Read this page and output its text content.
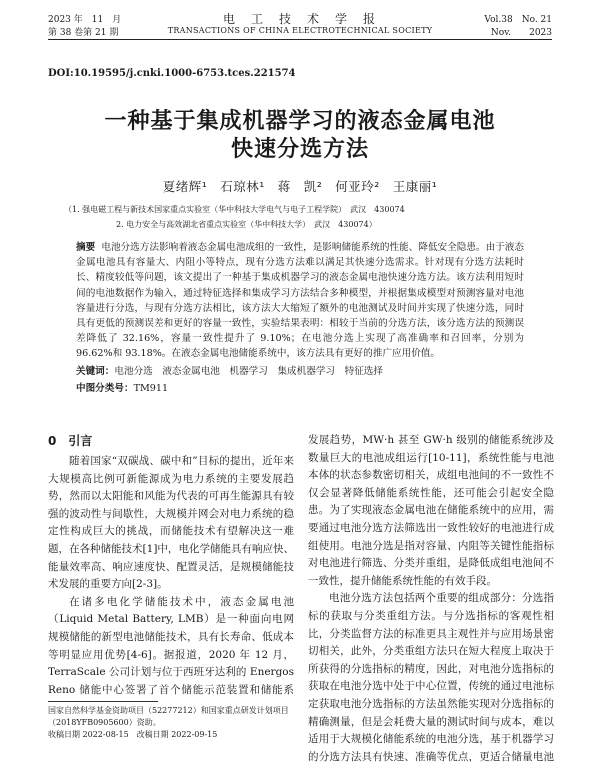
2023 年　11　月
第 38 卷第 21 期
电　工　技　术　学　报
TRANSACTIONS OF CHINA ELECTROTECHNICAL SOCIETY
Vol.38　No. 21
Nov.　　2023
DOI:10.19595/j.cnki.1000-6753.tces.221574
一种基于集成机器学习的液态金属电池
快速分选方法
夏绪辉¹　石琼林¹　蒋　凯²　何亚玲²　王康丽¹
（1. 强电磁工程与新技术国家重点实验室（华中科技大学电气与电子工程学院）　武汉　430074
2. 电力安全与高效湖北省重点实验室（华中科技大学）　武汉　430074）
摘要 电池分选方法影响着液态金属电池成组的一致性，是影响储能系统的性能、降低安全隐患。由于液态金属电池具有容量大、内阻小等特点，现有分选方法难以满足其快速分选需求。针对现有分选方法耗时长、精度较低等问题，该文提出了一种基于集成机器学习的液态金属电池快速分选方法。该方法利用短时间的电池数据作为输入，通过特征选择和集成学习方法结合多种模型，并根据集成模型对预测容量对电池容量进行分选，与现有分选方法相比，该方法大大缩短了额外的电池测试及时间并实现了快速分选，同时具有更低的预测误差和更好的容量一致性，实验结果表明：相较于当前的分选方法，该分选方法的预测误差降低了 32.16%，容量一致性提升了 9.10%；在电池分选上实现了高准确率和召回率，分别为 96.62%和 93.18%。在液态金属电池储能系统中，该方法具有更好的推广应用价值。
关键词：电池分选　液态金属电池　机器学习　集成机器学习　特征选择
中图分类号：TM911
0　引言

随着国家“双碳战、碳中和”目标的提出，近年来大规模高比例可新能源成为电力系统的主要发展趋势，然而以太阳能和风能为代表的可再生能源具有较强的波动性与间歇性，大规模并网会对电力系统的稳定性构成巨大的挑战，而储能技术有望解决这一难题，在各种储能技术[1]中，电化学储能具有响应快、能量效率高、响应速度快、配置灵活，是规模储能技术发展的重要方向[2-3]。

在诸多电化学储能技术中，液态金属电池（Liquid Metal Battery, LMB）是一种面向电网规模储能的新型电池储能技术，具有长寿命、低成本等明显应用优势[4-6]。据报道，2020 年 12 月，TerraScale 公司计划与位于西班牙达利的 Energos Reno 储能中心签署了首个储能示范装置和储能系

国家自然科学基金资助项目（52277212）和国家重点研发计划项目
（2018YFB0905600）资助。
收稿日期 2022-08-15　改稿日期 2022-09-15

发展趋势，MW·h 甚至 GW·h 级别的储能系统涉及数量巨大的电池成组运行[10-11]，系统性能与电池本体的状态参数密切相关，成组电池间的不一致性不仅会显著降低储能系统性能，还可能会引起安全隐患。为了实现液态金属电池在储能系统中的应用，需要通过电池分选方法筛选出一致性较好的电池进行成组使用。电池分选是指对容量、内阻等关键性能指标对电池进行筛选、分类并重组，是降低成组电池间不一致性，提升储能系统性能的有效手段。

电池分选方法包括两个重要的组成部分：分选指标的获取与分类重组方法。与分选指标的客观性相比，分类监督方法的标准更具主观性并与应用场景密切相关，此外，分类重组方法只在短大程度上取决于所获得的分选指标的精度，因此，对电池分选指标的获取在电池分选中处于中心位置，传统的通过电池标定获取电池分选指标的方法虽然能实现对分选指标的精确测量，但是会耗费大量的测试时间与成本，难以适用于大规模化储能系统的电池分选，基于机器学习的分选方法具有快速、准确等优点，更适合储量电池
